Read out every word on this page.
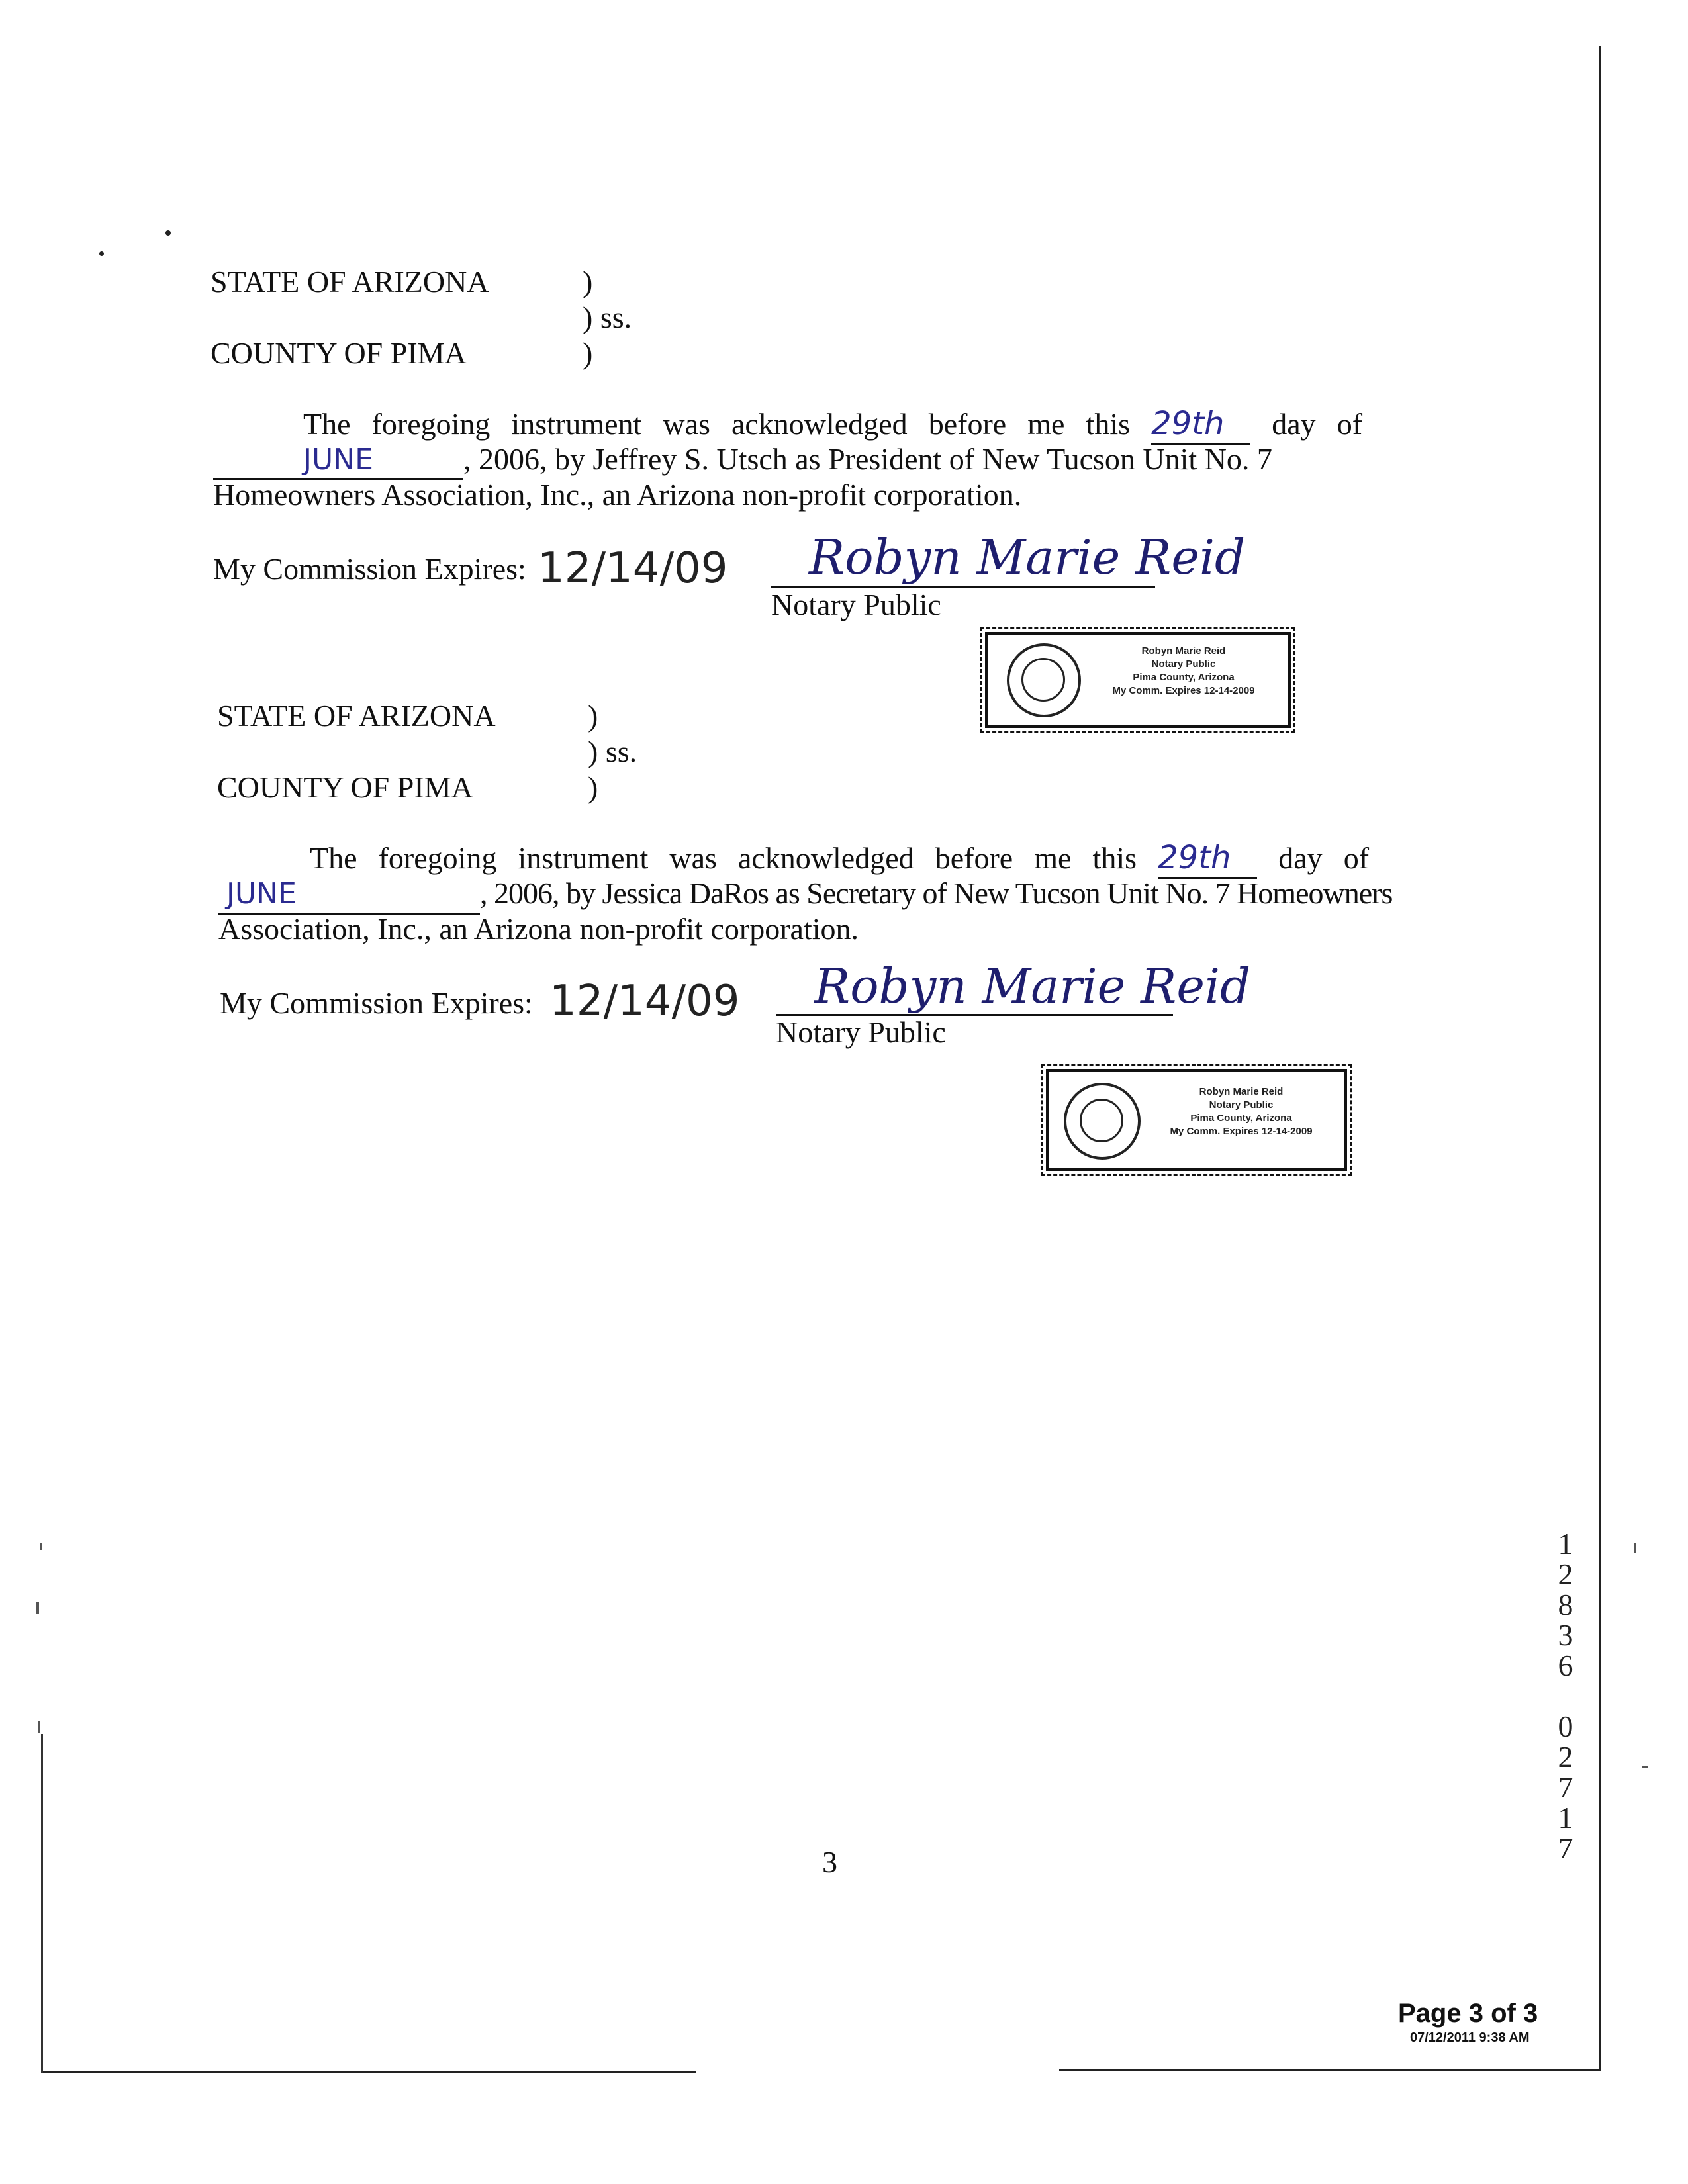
STATE OF ARIZONA	)
) ss.
COUNTY OF PIMA	)
The foregoing instrument was acknowledged before me this 29th day of
JUNE	, 2006, by Jeffrey S. Utsch as President of New Tucson Unit No. 7
Homeowners Association, Inc., an Arizona non-profit corporation.
My Commission Expires: 12/14/09 Robyn Marie Reid
Notary Public
Robyn Marie Reid
Notary Public
Pima County, Arizona
My Comm. Expires 12-14-2009
STATE OF ARIZONA	)
) ss.
COUNTY OF PIMA	)
The foregoing instrument was acknowledged before me this 29th day of
JUNE	, 2006, by Jessica DaRos as Secretary of New Tucson Unit No. 7 Homeowners
Association, Inc., an Arizona non-profit corporation.
My Commission Expires: 12/14/09 Robyn Marie Reid
Notary Public
Robyn Marie Reid
Notary Public
Pima County, Arizona
My Comm. Expires 12-14-2009
3
1
2
8
3
6
0
2
7
1
7
Page 3 of 3
07/12/2011 9:38 AM
